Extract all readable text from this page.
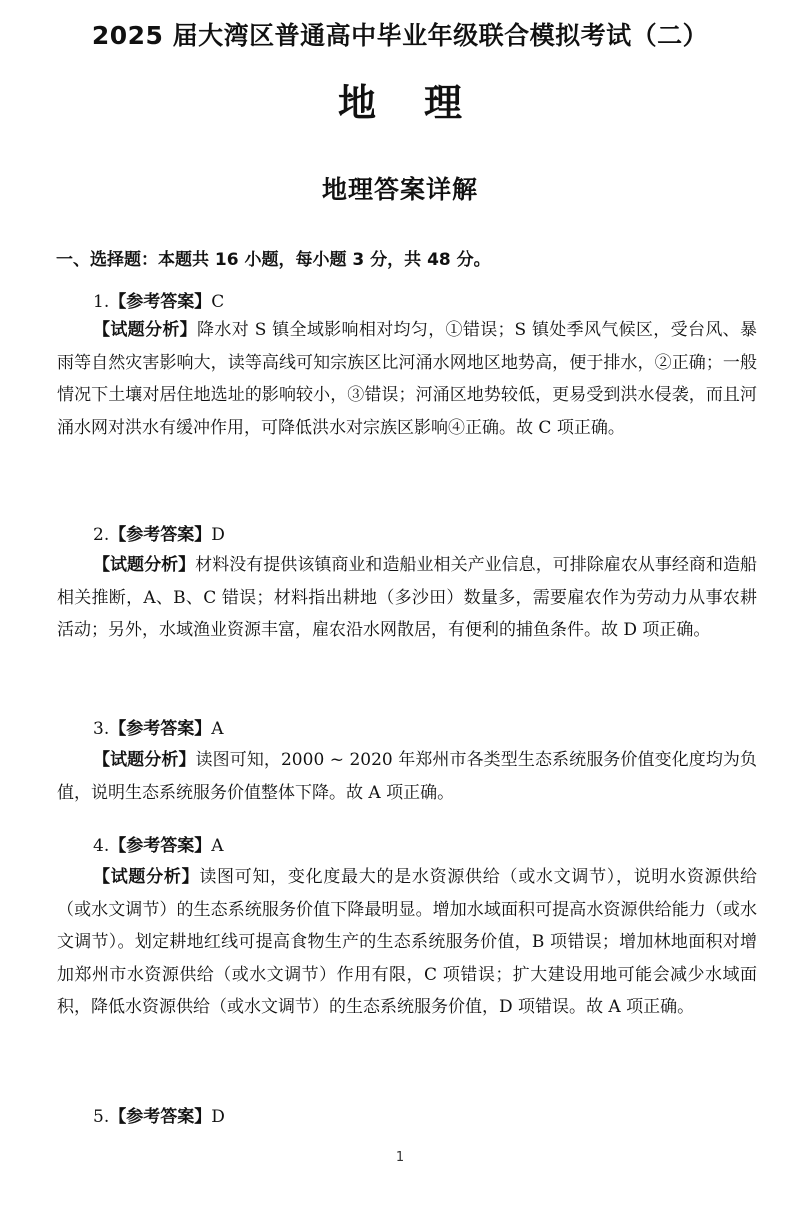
2025 届大湾区普通高中毕业年级联合模拟考试（二）
地理
地理答案详解
一、选择题：本题共 16 小题，每小题 3 分，共 48 分。
1.【参考答案】C
【试题分析】降水对 S 镇全域影响相对均匀，①错误；S 镇处季风气候区，受台风、暴雨等自然灾害影响大，读等高线可知宗族区比河涌水网地区地势高，便于排水，②正确；一般情况下土壤对居住地选址的影响较小，③错误；河涌区地势较低，更易受到洪水侵袭，而且河涌水网对洪水有缓冲作用，可降低洪水对宗族区影响④正确。故 C 项正确。
2.【参考答案】D
【试题分析】材料没有提供该镇商业和造船业相关产业信息，可排除雇农从事经商和造船相关推断，A、B、C 错误；材料指出耕地（多沙田）数量多，需要雇农作为劳动力从事农耕活动；另外，水域渔业资源丰富，雇农沿水网散居，有便利的捕鱼条件。故 D 项正确。
3.【参考答案】A
【试题分析】读图可知，2000 ~ 2020 年郑州市各类型生态系统服务价值变化度均为负值，说明生态系统服务价值整体下降。故 A 项正确。
4.【参考答案】A
【试题分析】读图可知，变化度最大的是水资源供给（或水文调节），说明水资源供给（或水文调节）的生态系统服务价值下降最明显。增加水域面积可提高水资源供给能力（或水文调节）。划定耕地红线可提高食物生产的生态系统服务价值，B 项错误；增加林地面积对增加郑州市水资源供给（或水文调节）作用有限，C 项错误；扩大建设用地可能会减少水域面积，降低水资源供给（或水文调节）的生态系统服务价值，D 项错误。故 A 项正确。
5.【参考答案】D
1
